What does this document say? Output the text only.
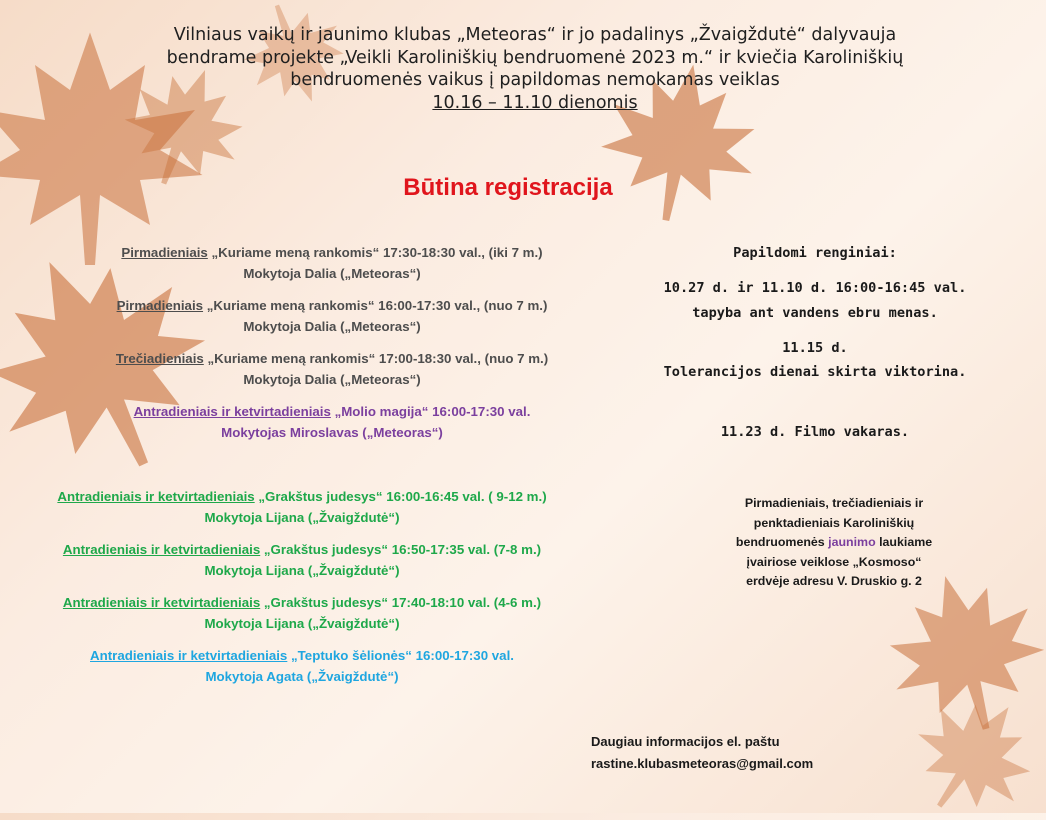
Vilniaus vaikų ir jaunimo klubas „Meteoras“ ir jo padalinys „Žvaigždutė“ dalyvauja
bendrame projekte „Veikli Karoliniškių bendruomenė 2023 m.“ ir kviečia Karoliniškių
bendruomenės vaikus į papildomas nemokamas veiklas
10.16 – 11.10 dienomis
Būtina registracija
Pirmadieniais „Kuriame meną rankomis“ 17:30-18:30 val., (iki 7 m.)
Mokytoja Dalia („Meteoras“)
Pirmadieniais „Kuriame meną rankomis“ 16:00-17:30 val., (nuo 7 m.)
Mokytoja Dalia („Meteoras“)
Trečiadieniais „Kuriame meną rankomis“ 17:00-18:30 val., (nuo 7 m.)
Mokytoja Dalia („Meteoras“)
Antradieniais ir ketvirtadieniais „Molio magija“ 16:00-17:30 val.
Mokytojas Miroslavas („Meteoras“)
Antradieniais ir ketvirtadieniais „Grakštus judesys“ 16:00-16:45 val. ( 9-12 m.)
Mokytoja Lijana („Žvaigždutė“)
Antradieniais ir ketvirtadieniais „Grakštus judesys“ 16:50-17:35 val. (7-8 m.)
Mokytoja Lijana („Žvaigždutė“)
Antradieniais ir ketvirtadieniais „Grakštus judesys“ 17:40-18:10 val. (4-6 m.)
Mokytoja Lijana („Žvaigždutė“)
Antradieniais ir ketvirtadieniais „Teptuko šėlionės“ 16:00-17:30 val.
Mokytoja Agata („Žvaigždutė“)
Papildomi renginiai:
10.27 d. ir 11.10 d. 16:00-16:45 val.
tapyba ant vandens ebru menas.
11.15 d.
Tolerancijos dienai skirta viktorina.
11.23 d. Filmo vakaras.
Pirmadieniais, trečiadieniais ir
penktadieniais Karoliniškių
bendruomenės jaunimo laukiame
įvairiose veiklose „Kosmoso“
erdvėje adresu V. Druskio g. 2
Daugiau informacijos el. paštu
rastine.klubasmeteoras@gmail.com
